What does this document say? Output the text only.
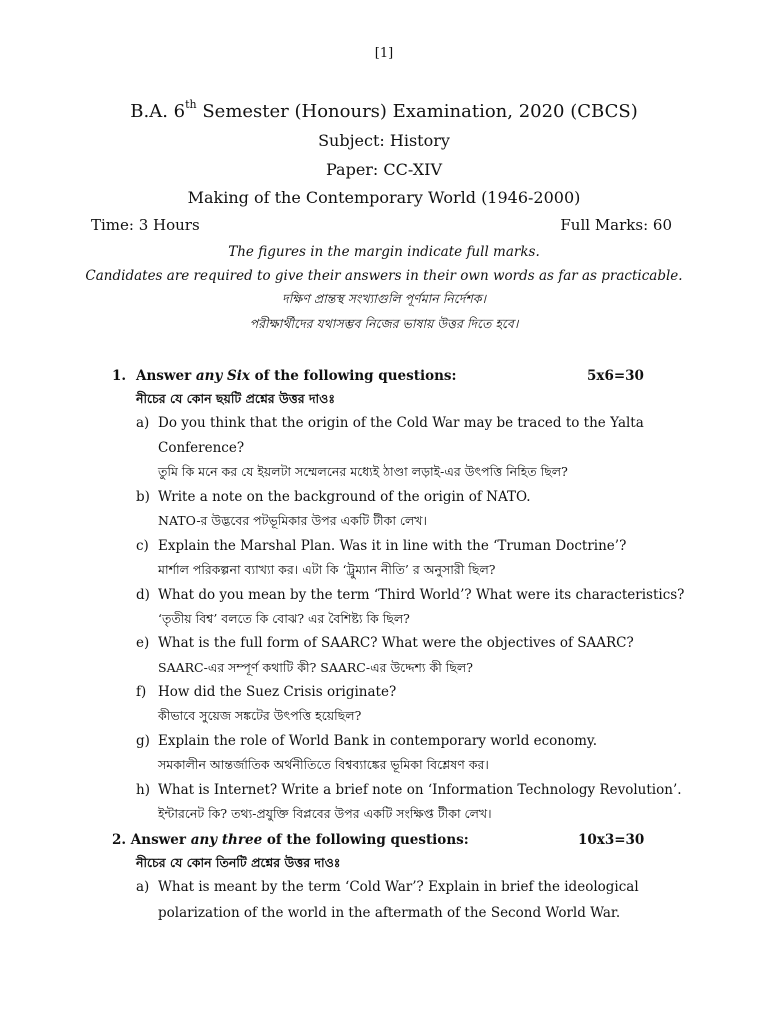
[1]
B.A. 6th Semester (Honours) Examination, 2020 (CBCS)
Subject: History
Paper: CC-XIV
Making of the Contemporary World (1946-2000)
Time: 3 Hours	Full Marks: 60
The figures in the margin indicate full marks.
Candidates are required to give their answers in their own words as far as practicable.
দক্ষিণ প্রান্তস্থ সংখ্যাগুলি পূর্ণমান নির্দেশক।
পরীক্ষার্থীদের যথাসম্ভব নিজের ভাষায় উত্তর দিতে হবে।
1. Answer any Six of the following questions:	5x6=30
নীচের যে কোন ছয়টি প্রশ্নের উত্তর দাওঃ
a) Do you think that the origin of the Cold War may be traced to the Yalta
Conference?
তুমি কি মনে কর যে ইয়লটা সম্মেলনের মধ্যেই ঠাণ্ডা লড়াই-এর উৎপত্তি নিহিত ছিল?
b) Write a note on the background of the origin of NATO.
NATO-র উদ্ভবের পটভূমিকার উপর একটি টীকা লেখ।
c) Explain the Marshal Plan. Was it in line with the ‘Truman Doctrine’?
মার্শাল পরিকল্পনা ব্যাখ্যা কর। এটা কি ‘ট্রুম্যান নীতি’ র অনুসারী ছিল?
d) What do you mean by the term ‘Third World’? What were its characteristics?
‘তৃতীয় বিশ্ব’ বলতে কি বোঝ? এর বৈশিষ্ট্য কি ছিল?
e) What is the full form of SAARC? What were the objectives of SAARC?
SAARC-এর সম্পূর্ণ কথাটি কী? SAARC-এর উদ্দেশ্য কী ছিল?
f) How did the Suez Crisis originate?
কীভাবে সুয়েজ সঙ্কটের উৎপত্তি হয়েছিল?
g) Explain the role of World Bank in contemporary world economy.
সমকালীন আন্তর্জাতিক অর্থনীতিতে বিশ্বব্যাঙ্কের ভূমিকা বিশ্লেষণ কর।
h) What is Internet? Write a brief note on ‘Information Technology Revolution’.
ইন্টারনেট কি? তথ্য-প্রযুক্তি বিপ্লবের উপর একটি সংক্ষিপ্ত টীকা লেখ।
2. Answer any three of the following questions:	10x3=30
নীচের যে কোন তিনটি প্রশ্নের উত্তর দাওঃ
a) What is meant by the term ‘Cold War’? Explain in brief the ideological
polarization of the world in the aftermath of the Second World War.
